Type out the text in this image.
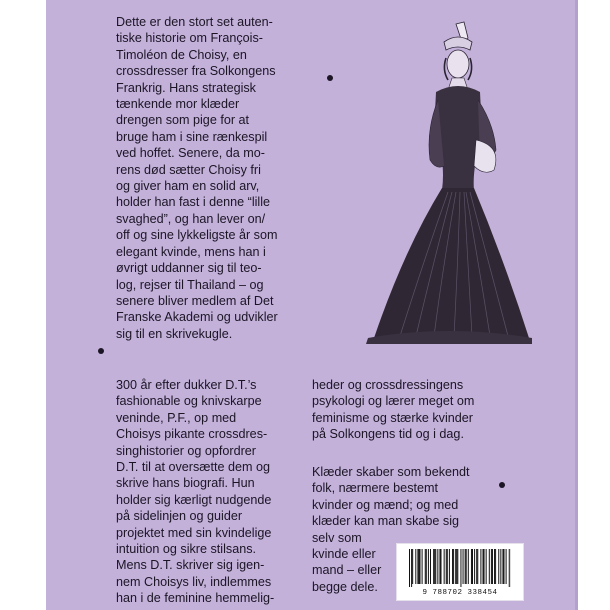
Dette er den stort set auten-
tiske historie om François-
Timoléon de Choisy, en
crossdresser fra Solkongens
Frankrig. Hans strategisk
tænkende mor klæder
drengen som pige for at
bruge ham i sine rænkespil
ved hoffet. Senere, da mo-
rens død sætter Choisy fri
og giver ham en solid arv,
holder han fast i denne “lille
svaghed”, og han lever on/
off og sine lykkeligste år som
elegant kvinde, mens han i
øvrigt uddanner sig til teo-
log, rejser til Thailand – og
senere bliver medlem af Det
Franske Akademi og udvikler
sig til en skrivekugle.

300 år efter dukker D.T.’s
fashionable og knivskarpe
veninde, P.F., op med
Choisys pikante crossdres-
singhistorier og opfordrer
D.T. til at oversætte dem og
skrive hans biografi. Hun
holder sig kærligt nudgende
på sidelinjen og guider
projektet med sin kvindelige
intuition og sikre stilsans.
Mens D.T. skriver sig igen-
nem Choisys liv, indlemmes
han i de feminine hemmelig-

heder og crossdressingens
psykologi og lærer meget om
feminisme og stærke kvinder
på Solkongens tid og i dag.

Klæder skaber som bekendt
folk, nærmere bestemt
kvinder og mænd; og med
klæder kan man skabe sig
selv som
kvinde eller
mand – eller
begge dele.	9 788702 338454
